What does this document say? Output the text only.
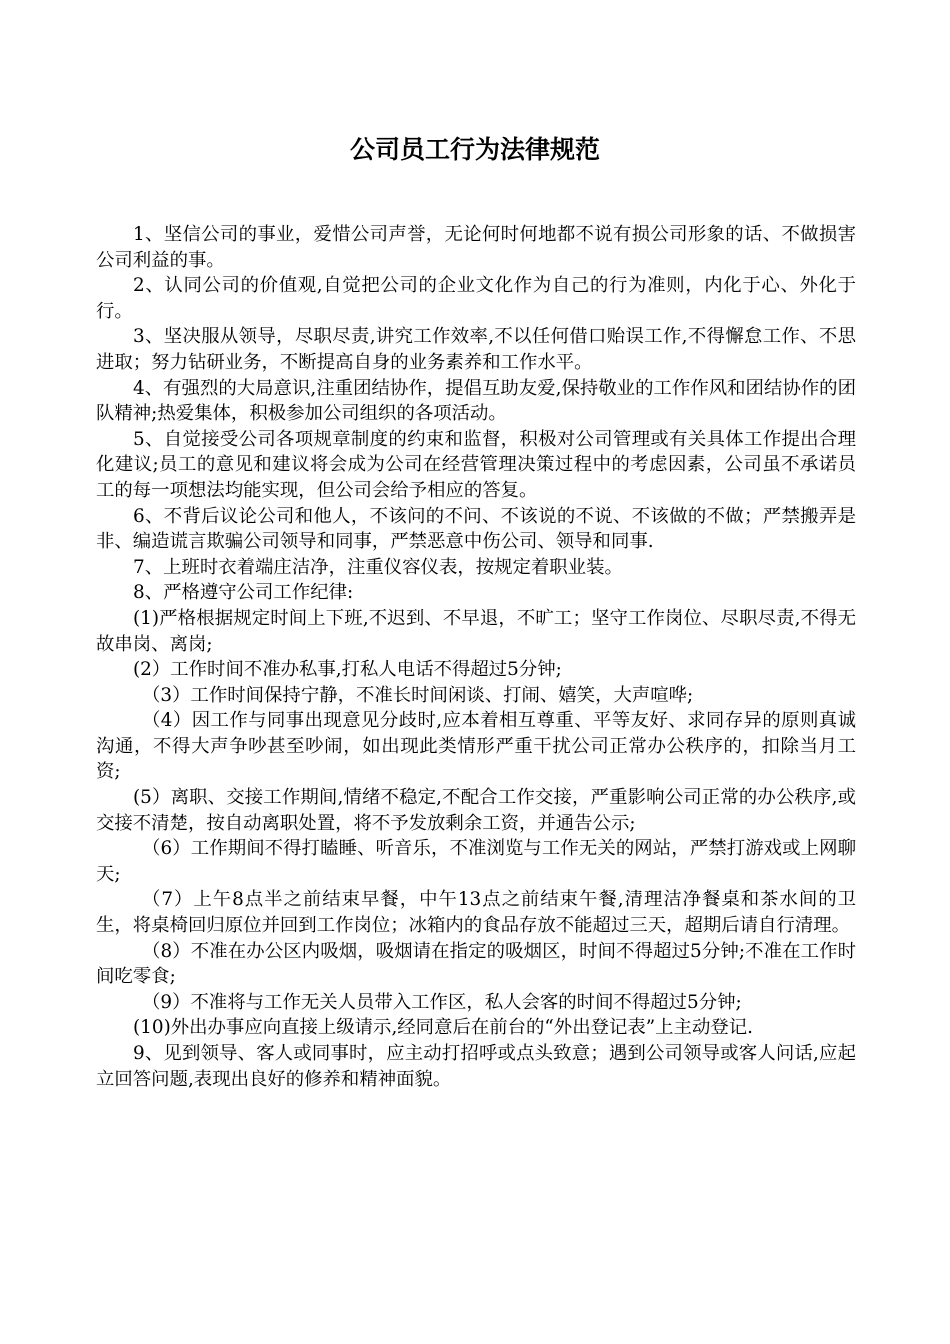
公司员工行为法律规范

1、坚信公司的事业，爱惜公司声誉，无论何时何地都不说有损公司形象的话、不做损害公司利益的事。

2、认同公司的价值观,自觉把公司的企业文化作为自己的行为准则，内化于心、外化于行。

3、坚决服从领导，尽职尽责,讲究工作效率,不以任何借口贻误工作,不得懈怠工作、不思进取；努力钻研业务，不断提高自身的业务素养和工作水平。

4、有强烈的大局意识,注重团结协作，提倡互助友爱,保持敬业的工作作风和团结协作的团队精神;热爱集体，积极参加公司组织的各项活动。

5、自觉接受公司各项规章制度的约束和监督，积极对公司管理或有关具体工作提出合理化建议;员工的意见和建议将会成为公司在经营管理决策过程中的考虑因素，公司虽不承诺员工的每一项想法均能实现，但公司会给予相应的答复。

6、不背后议论公司和他人，不该问的不问、不该说的不说、不该做的不做；严禁搬弄是非、编造谎言欺骗公司领导和同事，严禁恶意中伤公司、领导和同事.

7、上班时衣着端庄洁净，注重仪容仪表，按规定着职业装。

8、严格遵守公司工作纪律:

(1)严格根据规定时间上下班,不迟到、不早退，不旷工；坚守工作岗位、尽职尽责,不得无故串岗、离岗;

(2）工作时间不准办私事,打私人电话不得超过5分钟;

（3）工作时间保持宁静，不准长时间闲谈、打闹、嬉笑，大声喧哗;

（4）因工作与同事出现意见分歧时,应本着相互尊重、平等友好、求同存异的原则真诚沟通，不得大声争吵甚至吵闹，如出现此类情形严重干扰公司正常办公秩序的，扣除当月工资;

(5）离职、交接工作期间,情绪不稳定,不配合工作交接，严重影响公司正常的办公秩序,或交接不清楚，按自动离职处置，将不予发放剩余工资，并通告公示;

（6）工作期间不得打瞌睡、听音乐，不准浏览与工作无关的网站，严禁打游戏或上网聊天;

（7）上午8点半之前结束早餐，中午13点之前结束午餐,清理洁净餐桌和茶水间的卫生，将桌椅回归原位并回到工作岗位；冰箱内的食品存放不能超过三天，超期后请自行清理。

（8）不准在办公区内吸烟，吸烟请在指定的吸烟区，时间不得超过5分钟;不准在工作时间吃零食;

（9）不准将与工作无关人员带入工作区，私人会客的时间不得超过5分钟;

(10)外出办事应向直接上级请示,经同意后在前台的“外出登记表”上主动登记.

9、见到领导、客人或同事时，应主动打招呼或点头致意；遇到公司领导或客人问话,应起立回答问题,表现出良好的修养和精神面貌。
